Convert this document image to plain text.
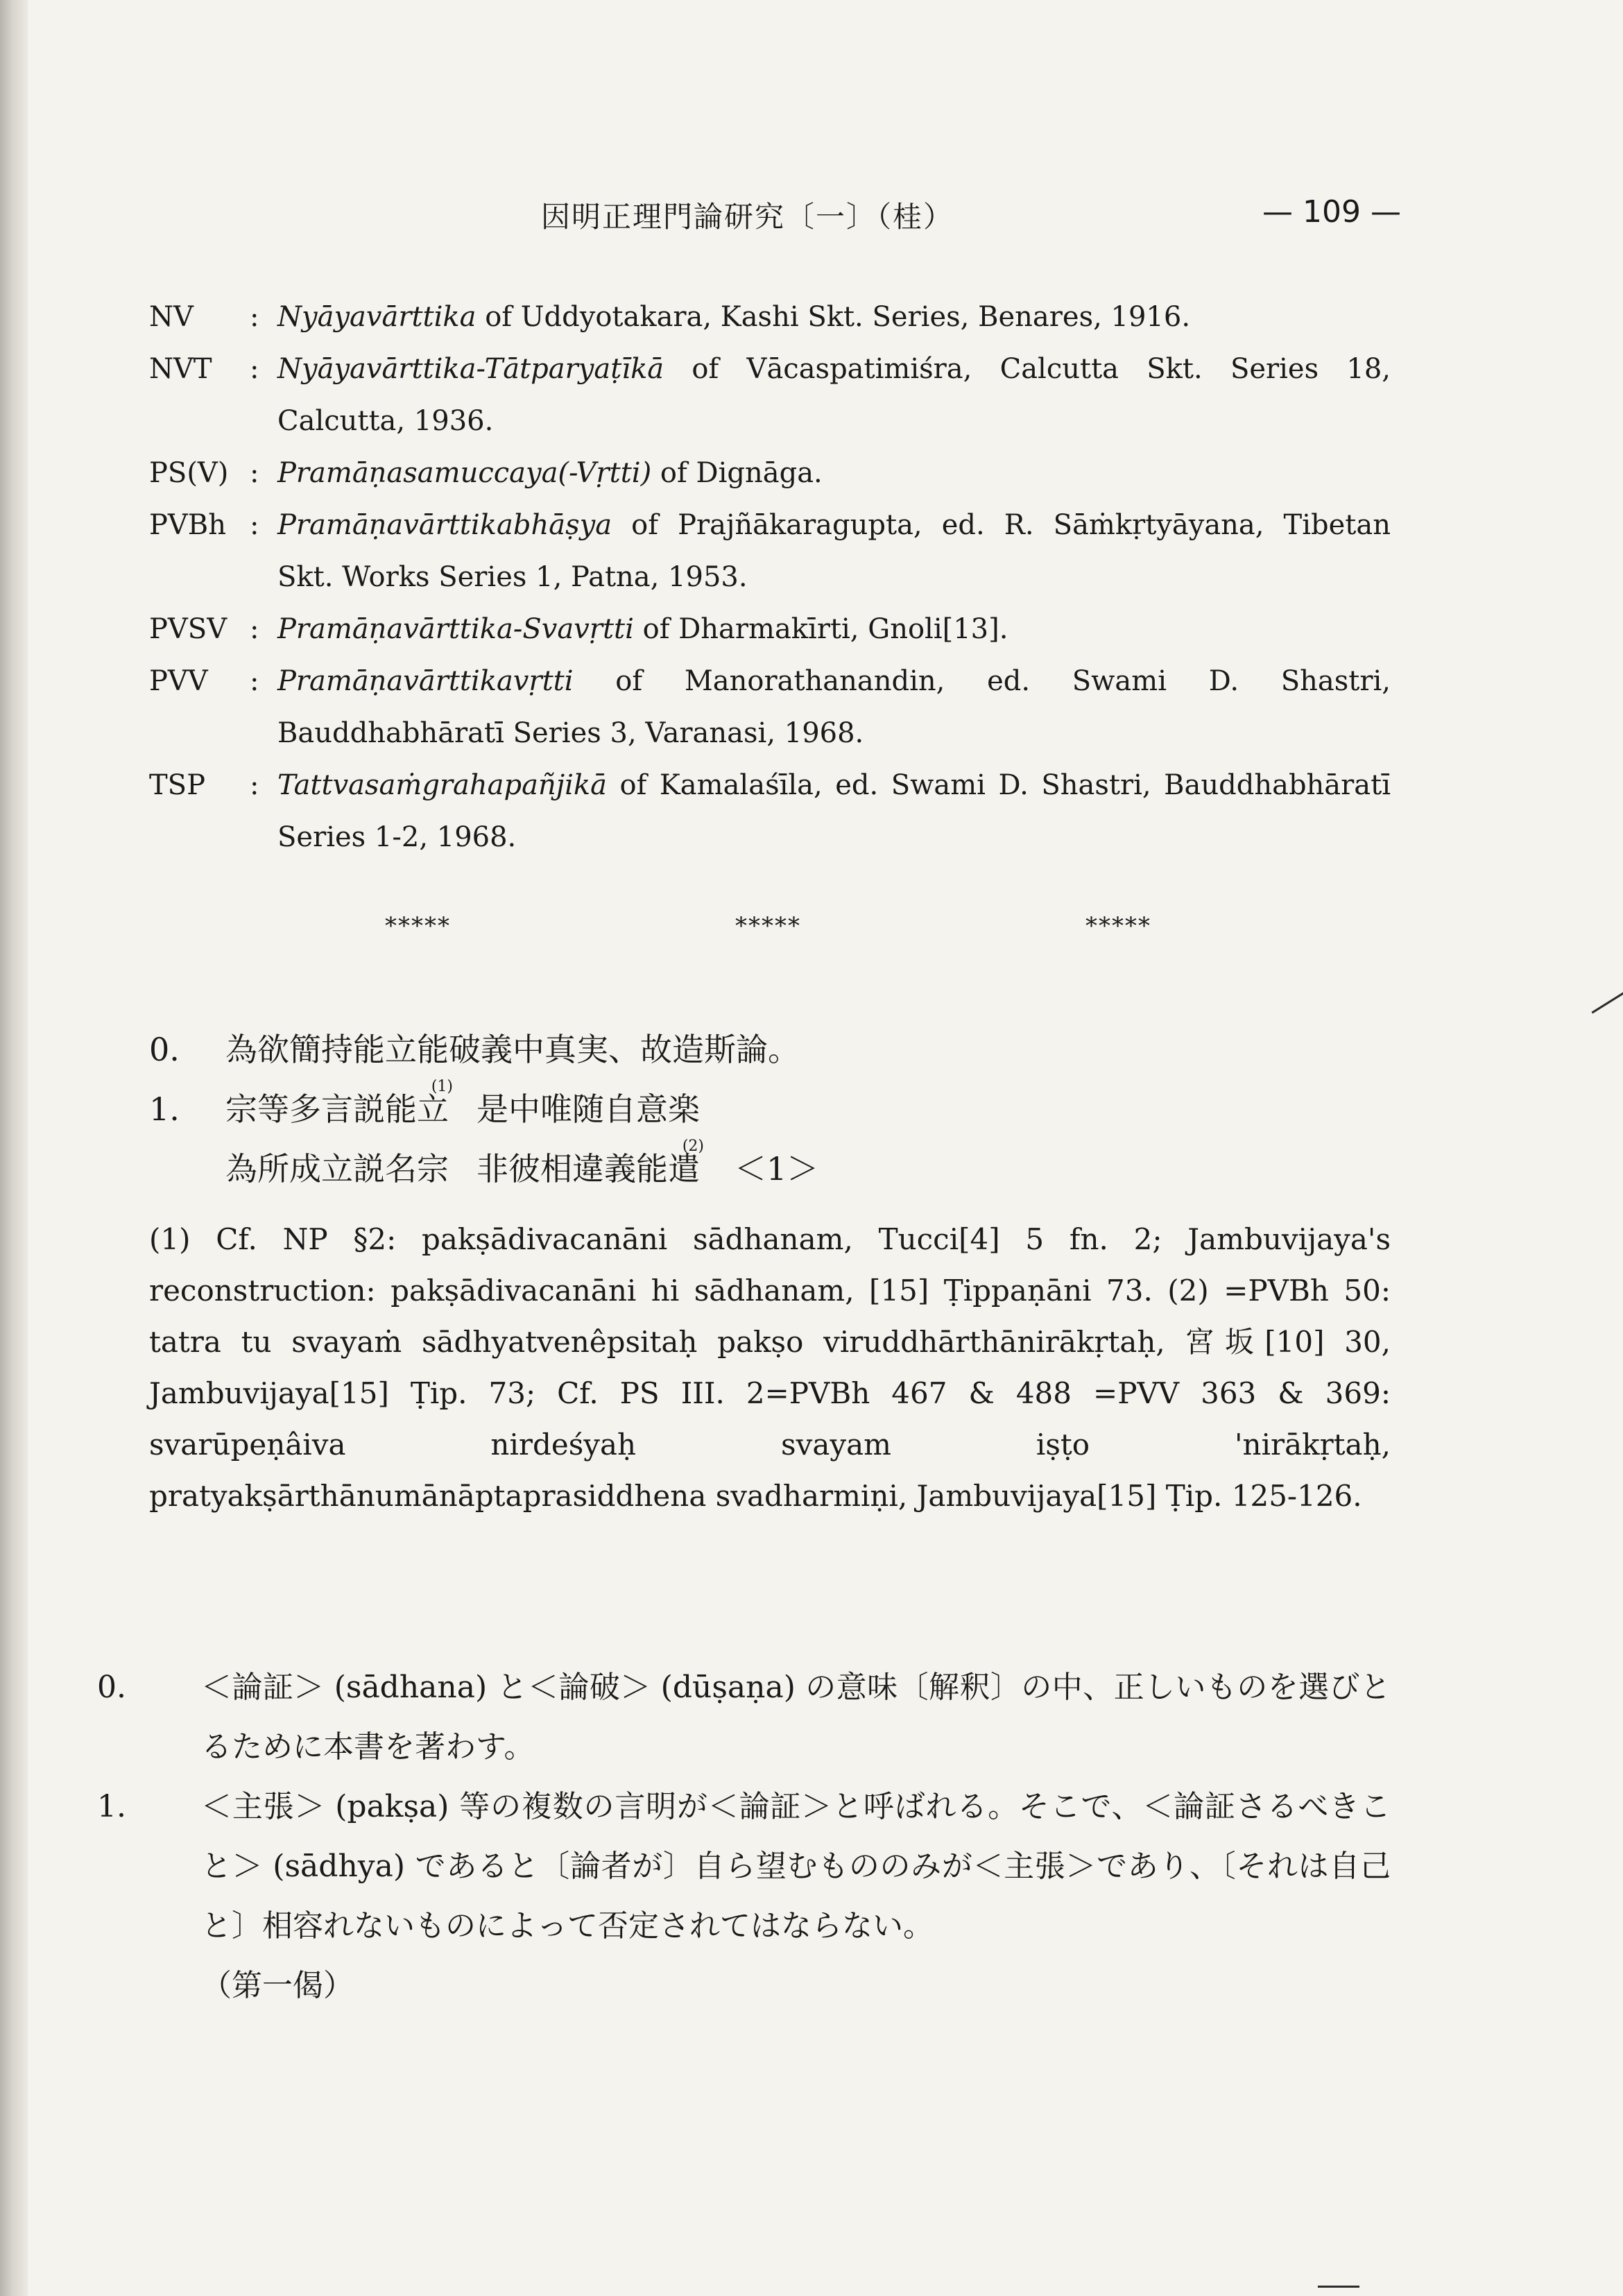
因明正理門論研究〔一〕（桂）	— 109 —
NV	: Nyāyavārttika of Uddyotakara, Kashi Skt. Series, Benares, 1916.
NVT	: Nyāyavārttika-Tātparyaṭīkā of Vācaspatimiśra, Calcutta Skt. Series 18, Calcutta, 1936.
PS(V) : Pramāṇasamuccaya(-Vṛtti) of Dignāga.
PVBh : Pramāṇavārttikabhāṣya of Prajñākaragupta, ed. R. Sāṁkṛtyāyana, Tibetan Skt. Works Series 1, Patna, 1953.
PVSV : Pramāṇavārttika-Svavṛtti of Dharmakīrti, Gnoli[13].
PVV	: Pramāṇavārttikavṛtti of Manorathanandin, ed. Swami D. Shastri, Bauddhabhāratī Series 3, Varanasi, 1968.
TSP	: Tattvasaṁgrahapañjikā of Kamalaśīla, ed. Swami D. Shastri, Bauddhabhāratī Series 1-2, 1968.
*****	*****	*****
0. 為欲簡持能立能破義中真実、故造斯論。
1. 宗等多言説能立
(1)
是中唯随自意楽
為所成立説名宗 非彼相違義能遣
(2)
＜1＞
(1) Cf. NP §2: pakṣādivacanāni sādhanam, Tucci[4] 5 fn. 2; Jambuvijaya's reconstruction: pakṣādivacanāni hi sādhanam, [15] Ṭippaṇāni 73. (2) =PVBh 50: tatra tu svayaṁ sādhyatvenêpsitaḥ pakṣo viruddhārthānirākṛtaḥ, 宮坂[10] 30, Jambuvijaya[15] Ṭip. 73; Cf. PS III. 2=PVBh 467 & 488 =PVV 363 & 369: svarūpeṇâiva nirdeśyaḥ svayam iṣṭo 'nirākṛtaḥ, pratyakṣārthānumānāptaprasiddhena svadharmiṇi, Jambuvijaya[15] Ṭip. 125-126.
0. ＜論証＞ (sādhana) と＜論破＞ (dūṣaṇa) の意味〔解釈〕の中、正しいものを選びとるために本書を著わす。
1. ＜主張＞ (pakṣa) 等の複数の言明が＜論証＞と呼ばれる。そこで、＜論証さるべきこと＞ (sādhya) であると〔論者が〕自ら望むもののみが＜主張＞であり、〔それは自己と〕相容れないものによって否定されてはならない。
（第一偈）
